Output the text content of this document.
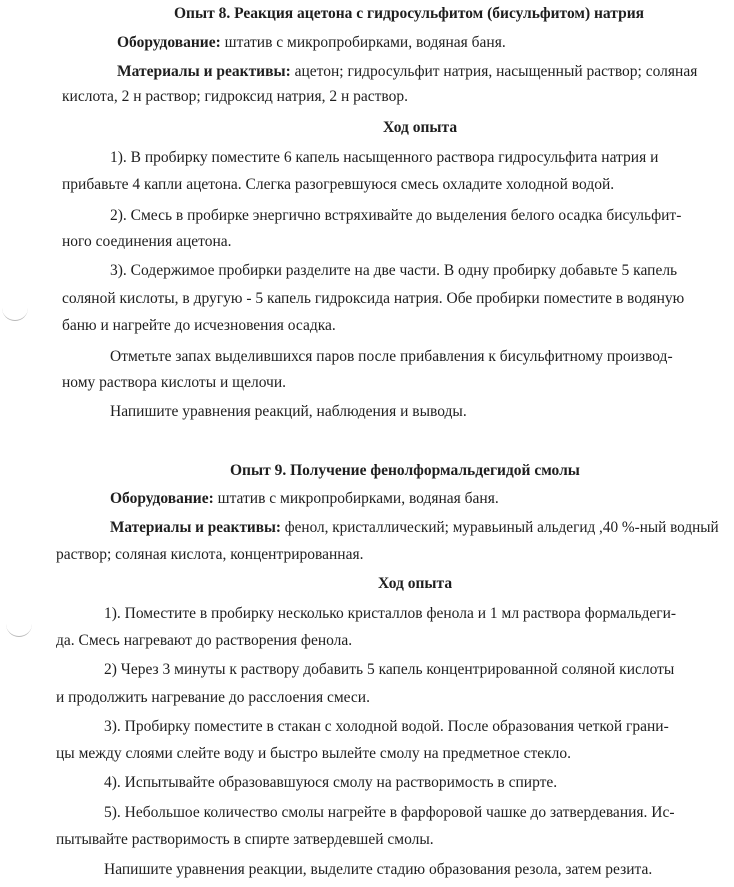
Опыт 8. Реакция ацетона с гидросульфитом (бисульфитом) натрия

Оборудование: штатив с микропробирками, водяная баня.

Материалы и реактивы: ацетон; гидросульфит натрия, насыщенный раствор; соляная

кислота, 2 н раствор; гидроксид натрия, 2 н раствор.

Ход опыта

1). В пробирку поместите 6 капель насыщенного раствора гидросульфита натрия и

прибавьте 4 капли ацетона. Слегка разогревшуюся смесь охладите холодной водой.

2). Смесь в пробирке энергично встряхивайте до выделения белого осадка бисульфит-

ного соединения ацетона.

3). Содержимое пробирки разделите на две части. В одну пробирку добавьте 5 капель

соляной кислоты, в другую - 5 капель гидроксида натрия. Обе пробирки поместите в водяную

баню и нагрейте до исчезновения осадка.

Отметьте запах выделившихся паров после прибавления к бисульфитному производ-

ному раствора кислоты и щелочи.

Напишите уравнения реакций, наблюдения и выводы.

Опыт 9. Получение фенолформальдегидой смолы

Оборудование: штатив с микропробирками, водяная баня.

Материалы и реактивы: фенол, кристаллический; муравьиный альдегид ,40 %-ный водный

раствор; соляная кислота, концентрированная.

Ход опыта

1). Поместите в пробирку несколько кристаллов фенола и 1 мл раствора формальдеги-

да. Смесь нагревают до растворения фенола.

2) Через 3 минуты к раствору добавить 5 капель концентрированной соляной кислоты

и продолжить нагревание до расслоения смеси.

3). Пробирку поместите в стакан с холодной водой. После образования четкой грани-

цы между слоями слейте воду и быстро вылейте смолу на предметное стекло.

4). Испытывайте образовавшуюся смолу на растворимость в спирте.

5). Небольшое количество смолы нагрейте в фарфоровой чашке до затвердевания. Ис-

пытывайте растворимость в спирте затвердевшей смолы.

Напишите уравнения реакции, выделите стадию образования резола, затем резита.
